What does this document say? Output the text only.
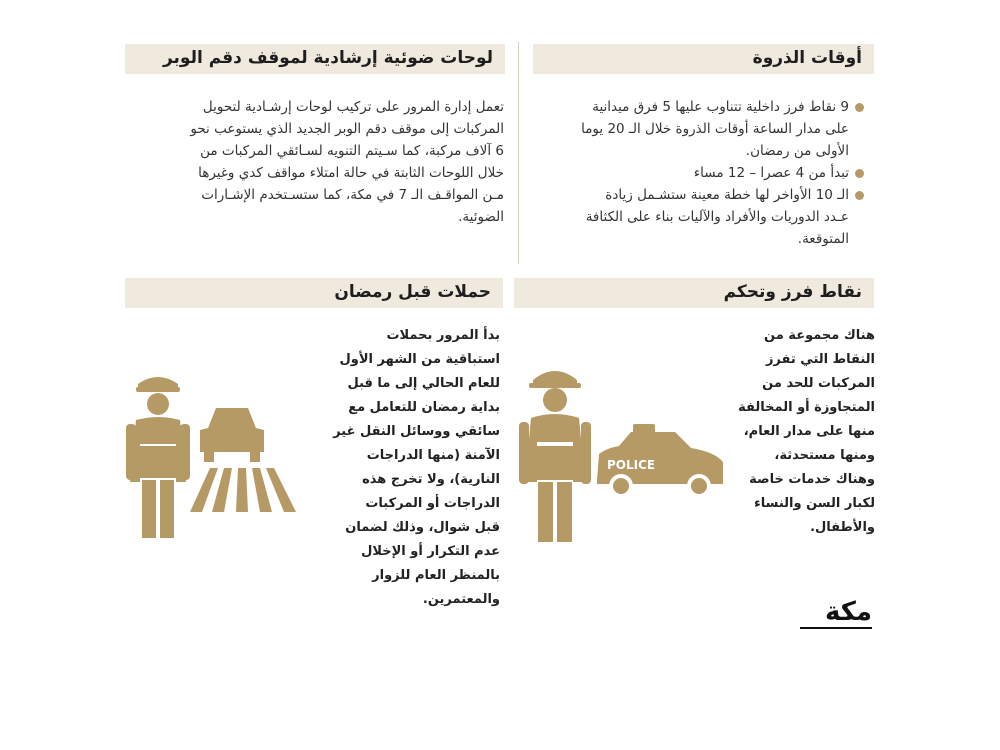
أوقات الذروة
لوحات ضوئية إرشادية لموقف دقم الوبر
نقاط فرز وتحكم
حملات قبل رمضان
9 نقاط فرز داخلية تتناوب عليها 5 فرق ميدانية
على مدار الساعة أوقات الذروة خلال الـ 20 يوما
الأولى من رمضان.
تبدأ من 4 عصرا – 12 مساء
الـ 10 الأواخر لها خطة معينة ستشـمل زيادة
عـدد الدوريات والأفراد والآليات بناء على الكثافة
المتوقعة.
تعمل إدارة المرور على تركيب لوحات إرشـادية لتحويل
المركبات إلى موقف دقم الوبر الجديد الذي يستوعب نحو
6 آلاف مركبة، كما سـيتم التنويه لسـائقي المركبات من
خلال اللوحات الثابتة في حالة امتلاء مواقف كدي وغيرها
مـن المواقـف الـ 7 في مكة، كما ستسـتخدم الإشـارات
الضوئية.
هناك مجموعة من
النقاط التي تفرز
المركبات للحد من
المتجاوزة أو المخالفة
منها على مدار العام،
ومنها مستحدثة،
وهناك خدمات خاصة
لكبار السن والنساء
والأطفال.
بدأ المرور بحملات
استباقية من الشهر الأول
للعام الحالي إلى ما قبل
بداية رمضان للتعامل مع
سائقي ووسائل النقل غير
الآمنة (منها الدراجات
النارية)، ولا تخرج هذه
الدراجات أو المركبات
قبل شوال، وذلك لضمان
عدم التكرار أو الإخلال
بالمنظر العام للزوار
والمعتمرين.
POLICE
مكة
